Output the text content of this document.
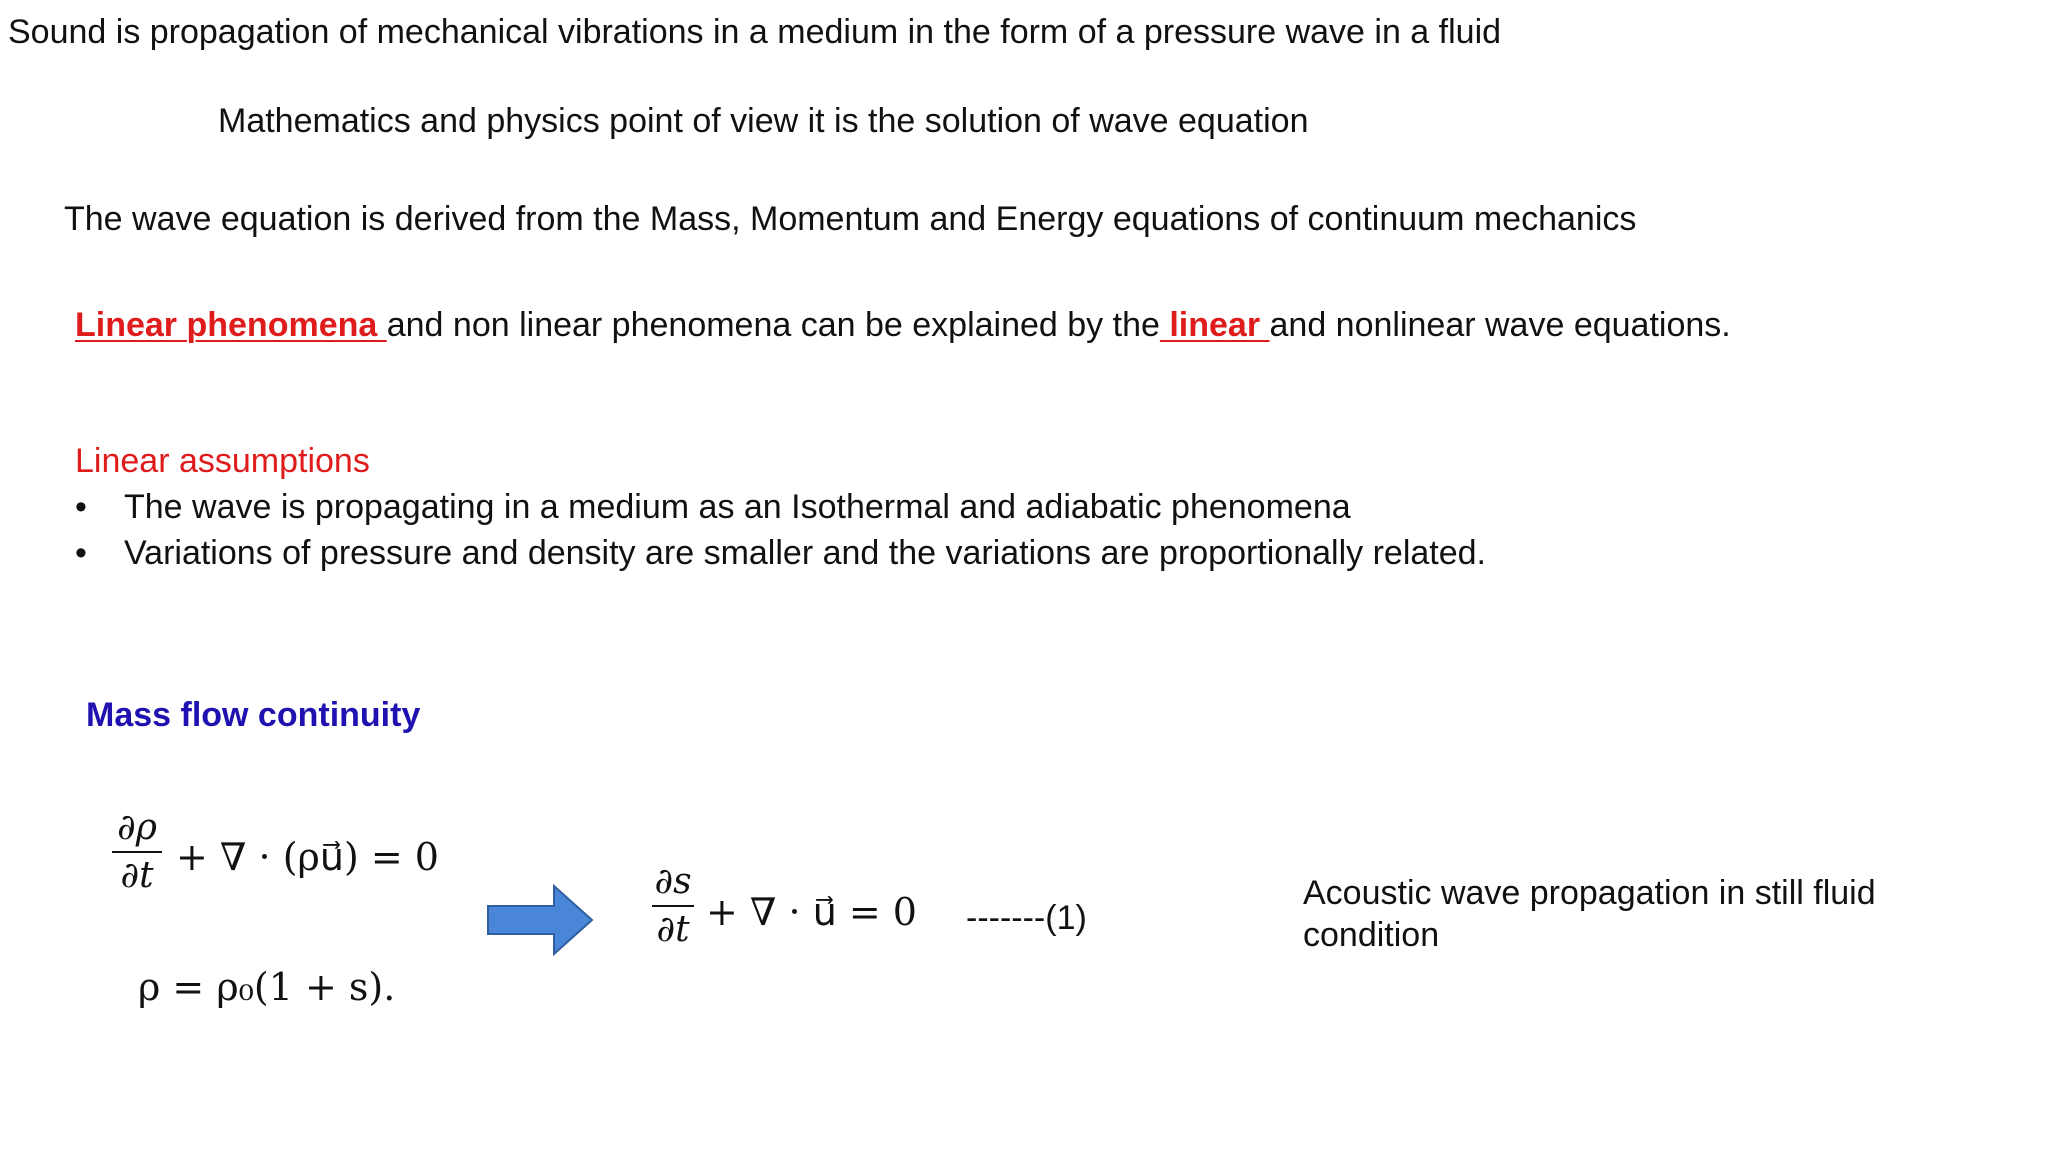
Sound is propagation of mechanical vibrations in a medium in the form of a pressure wave in a fluid
Mathematics and physics point of view it is the solution of wave equation
The wave equation is derived from the Mass, Momentum and Energy equations of continuum mechanics
Linear phenomena and non linear phenomena can be explained by the linear and nonlinear wave equations.
Linear assumptions
• The wave is propagating in a medium as an Isothermal and adiabatic phenomena
• Variations of pressure and density are smaller and the variations are proportionally related.
Mass flow continuity
∂ρ
∂t + ∇ · (ρu⃗) = 0
ρ = ρ₀(1 + s).
∂s
∂t + ∇ · u⃗ = 0 -------(1)
Acoustic wave propagation in still fluid
condition
